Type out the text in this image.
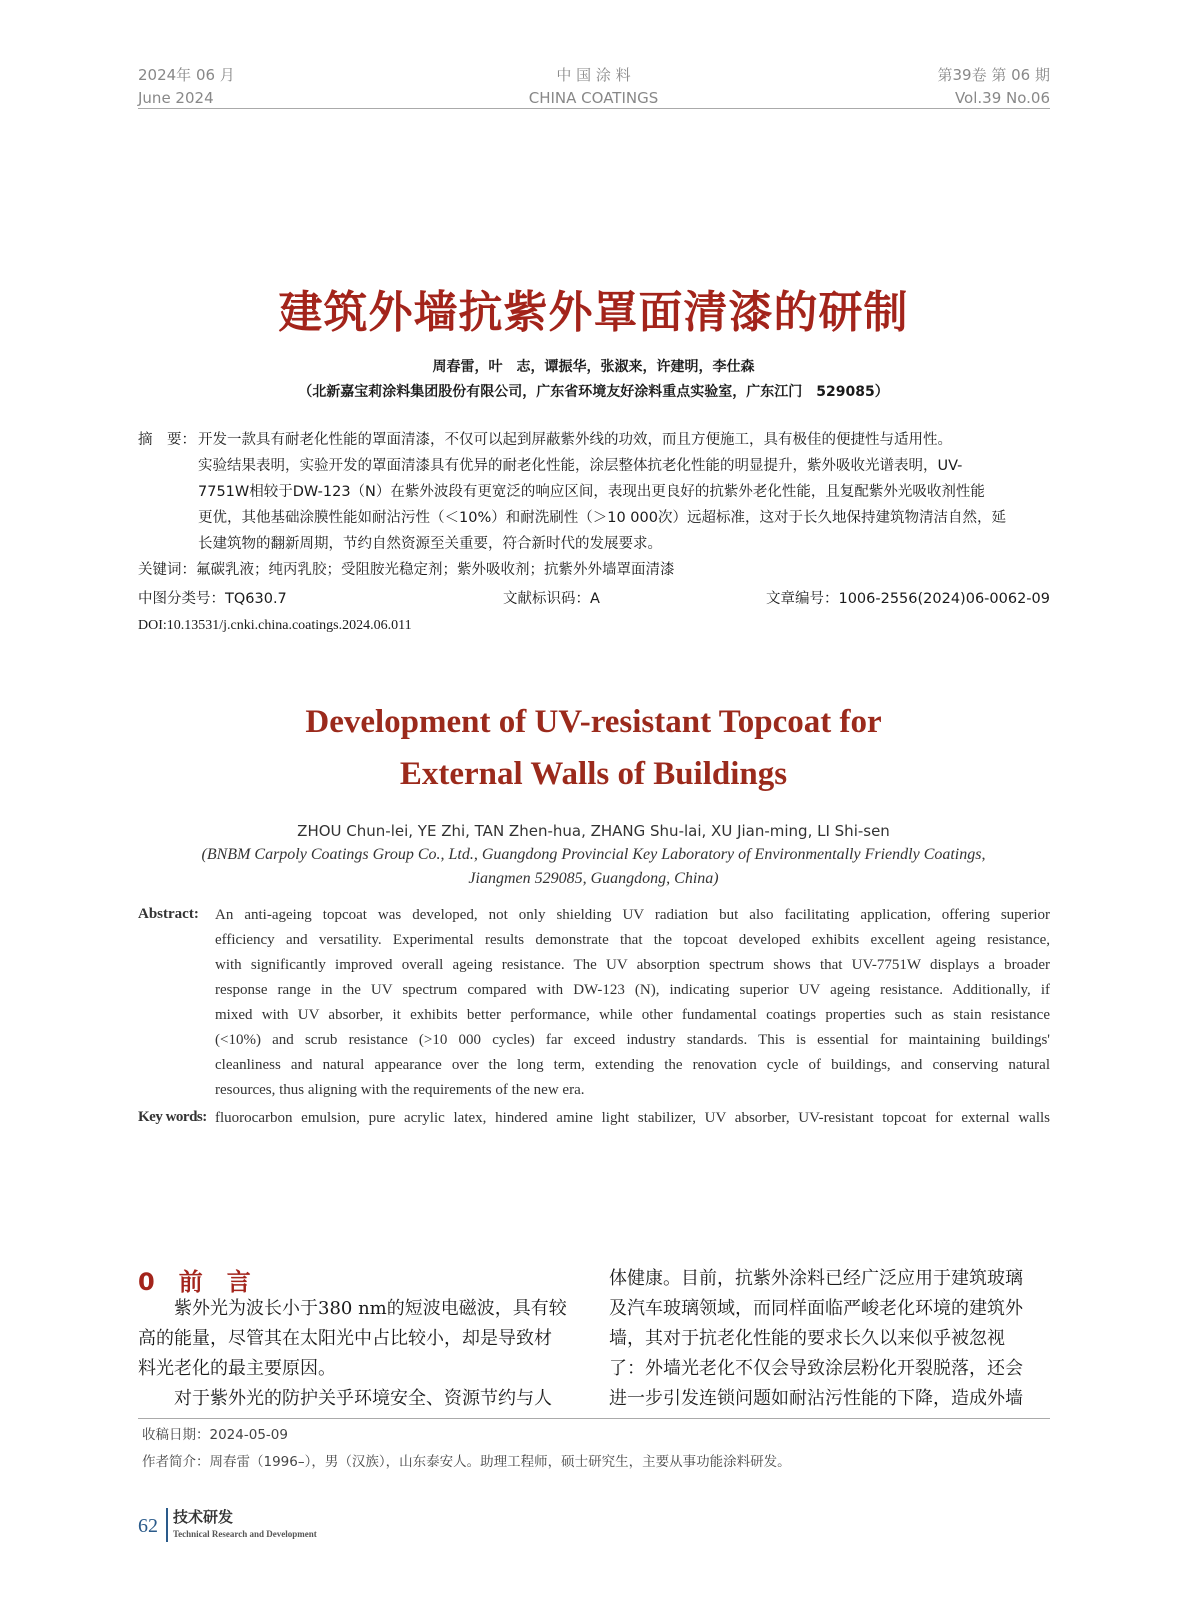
2024年 06 月
June 2024
中 国 涂 料
CHINA COATINGS
第39卷 第 06 期
Vol.39 No.06
建筑外墙抗紫外罩面清漆的研制
周春雷，叶　志，谭振华，张淑来，许建明，李仕森
（北新嘉宝莉涂料集团股份有限公司，广东省环境友好涂料重点实验室，广东江门　529085）
摘　要： 开发一款具有耐老化性能的罩面清漆，不仅可以起到屏蔽紫外线的功效，而且方便施工，具有极佳的便捷性与适用性。
实验结果表明，实验开发的罩面清漆具有优异的耐老化性能，涂层整体抗老化性能的明显提升，紫外吸收光谱表明，UV-
7751W相较于DW-123（N）在紫外波段有更宽泛的响应区间，表现出更良好的抗紫外老化性能，且复配紫外光吸收剂性能
更优，其他基础涂膜性能如耐沾污性（＜10%）和耐洗刷性（＞10 000次）远超标准，这对于长久地保持建筑物清洁自然，延
长建筑物的翻新周期，节约自然资源至关重要，符合新时代的发展要求。
关键词：氟碳乳液；纯丙乳胶；受阻胺光稳定剂；紫外吸收剂；抗紫外外墙罩面清漆
中图分类号：TQ630.7	文献标识码：A	文章编号：1006-2556(2024)06-0062-09
DOI:10.13531/j.cnki.china.coatings.2024.06.011
Development of UV-resistant Topcoat for
External Walls of Buildings
ZHOU Chun-lei, YE Zhi, TAN Zhen-hua, ZHANG Shu-lai, XU Jian-ming, LI Shi-sen
(BNBM Carpoly Coatings Group Co., Ltd., Guangdong Provincial Key Laboratory of Environmentally Friendly Coatings,
Jiangmen 529085, Guangdong, China)
Abstract: An anti-ageing topcoat was developed, not only shielding UV radiation but also facilitating application, offering superior
efficiency and versatility. Experimental results demonstrate that the topcoat developed exhibits excellent ageing resistance,
with significantly improved overall ageing resistance. The UV absorption spectrum shows that UV-7751W displays a broader
response range in the UV spectrum compared with DW-123 (N), indicating superior UV ageing resistance. Additionally, if
mixed with UV absorber, it exhibits better performance, while other fundamental coatings properties such as stain resistance
(<10%) and scrub resistance (>10 000 cycles) far exceed industry standards. This is essential for maintaining buildings'
cleanliness and natural appearance over the long term, extending the renovation cycle of buildings, and conserving natural
resources, thus aligning with the requirements of the new era.
Key words: fluorocarbon emulsion, pure acrylic latex, hindered amine light stabilizer, UV absorber, UV-resistant topcoat for external walls
0　前　言
　　紫外光为波长小于380 nm的短波电磁波，具有较
高的能量，尽管其在太阳光中占比较小，却是导致材
料光老化的最主要原因。
　　对于紫外光的防护关乎环境安全、资源节约与人
体健康。目前，抗紫外涂料已经广泛应用于建筑玻璃
及汽车玻璃领域，而同样面临严峻老化环境的建筑外
墙，其对于抗老化性能的要求长久以来似乎被忽视
了：外墙光老化不仅会导致涂层粉化开裂脱落，还会
进一步引发连锁问题如耐沾污性能的下降，造成外墙
收稿日期：2024-05-09
作者简介：周春雷（1996–），男（汉族），山东泰安人。助理工程师，硕士研究生，主要从事功能涂料研发。
62 技术研发
Technical Research and Development
